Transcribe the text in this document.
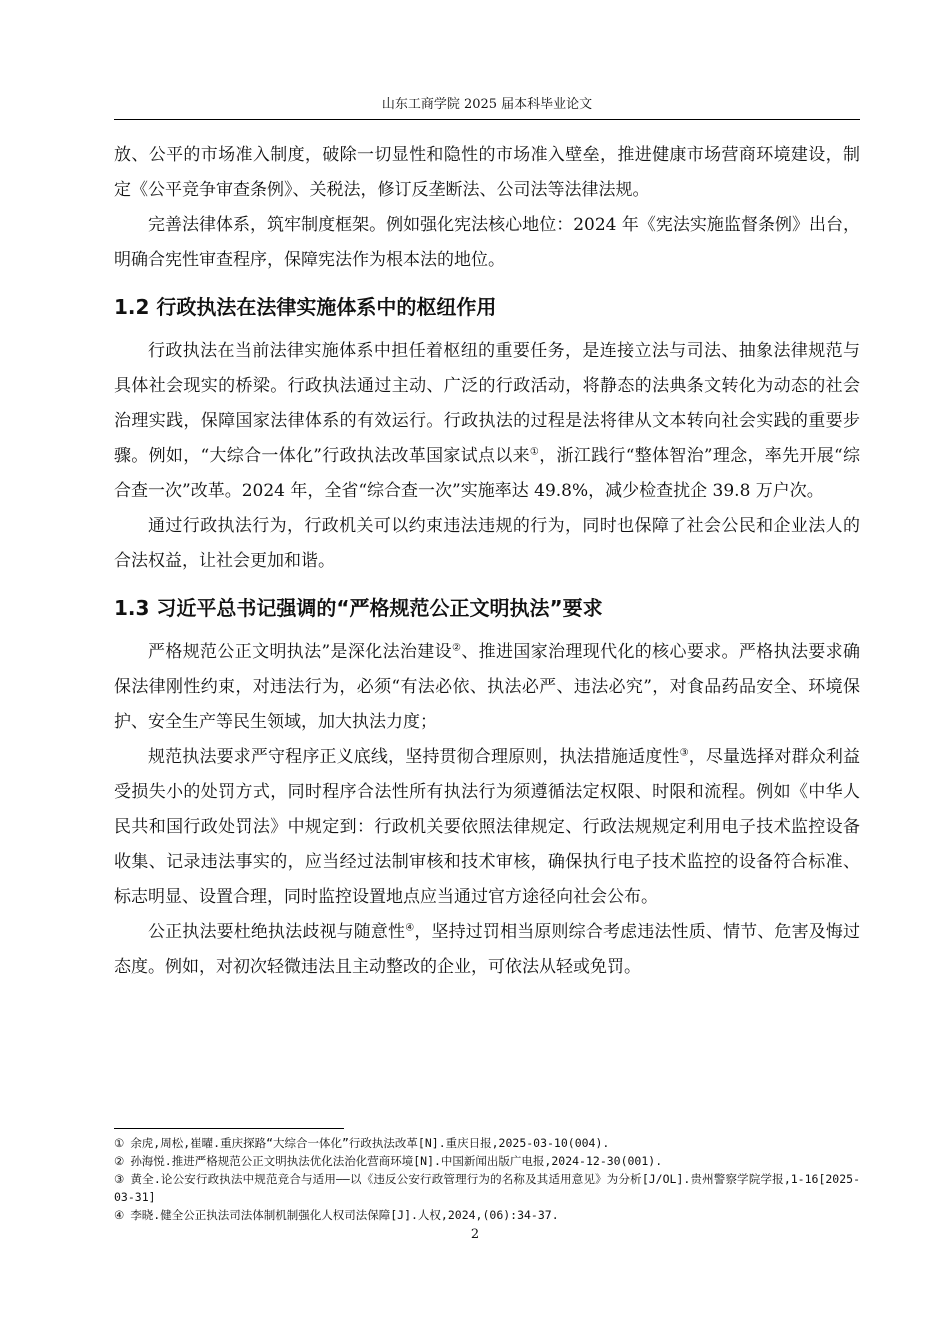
山东工商学院 2025 届本科毕业论文

放、公平的市场准入制度，破除一切显性和隐性的市场准入壁垒，推进健康市场营商环境建设，制定《公平竞争审查条例》、关税法，修订反垄断法、公司法等法律法规。

完善法律体系，筑牢制度框架。例如强化宪法核心地位：2024 年《宪法实施监督条例》出台，明确合宪性审查程序，保障宪法作为根本法的地位。

1.2 行政执法在法律实施体系中的枢纽作用

行政执法在当前法律实施体系中担任着枢纽的重要任务，是连接立法与司法、抽象法律规范与具体社会现实的桥梁。行政执法通过主动、广泛的行政活动，将静态的法典条文转化为动态的社会治理实践，保障国家法律体系的有效运行。行政执法的过程是法将律从文本转向社会实践的重要步骤。例如，“大综合一体化”行政执法改革国家试点以来①，浙江践行“整体智治”理念，率先开展“综合查一次”改革。2024 年，全省“综合查一次”实施率达 49.8%，减少检查扰企 39.8 万户次。

通过行政执法行为，行政机关可以约束违法违规的行为，同时也保障了社会公民和企业法人的合法权益，让社会更加和谐。

1.3 习近平总书记强调的“严格规范公正文明执法”要求

严格规范公正文明执法”是深化法治建设②、推进国家治理现代化的核心要求。严格执法要求确保法律刚性约束，对违法行为，必须“有法必依、执法必严、违法必究”，对食品药品安全、环境保护、安全生产等民生领域，加大执法力度；

规范执法要求严守程序正义底线，坚持贯彻合理原则，执法措施适度性③，尽量选择对群众利益受损失小的处罚方式，同时程序合法性所有执法行为须遵循法定权限、时限和流程。例如《中华人民共和国行政处罚法》中规定到：行政机关要依照法律规定、行政法规规定利用电子技术监控设备收集、记录违法事实的，应当经过法制审核和技术审核，确保执行电子技术监控的设备符合标准、标志明显、设置合理，同时监控设置地点应当通过官方途径向社会公布。

公正执法要杜绝执法歧视与随意性④，坚持过罚相当原则综合考虑违法性质、情节、危害及悔过态度。例如，对初次轻微违法且主动整改的企业，可依法从轻或免罚。

① 余虎,周松,崔曜.重庆探路“大综合一体化”行政执法改革[N].重庆日报,2025-03-10(004).

② 孙海悦.推进严格规范公正文明执法优化法治化营商环境[N].中国新闻出版广电报,2024-12-30(001).

③ 黄全.论公安行政执法中规范竞合与适用——以《违反公安行政管理行为的名称及其适用意见》为分析[J/OL].贵州警察学院学报,1-16[2025-03-31]

④ 李晓.健全公正执法司法体制机制强化人权司法保障[J].人权,2024,(06):34-37.

2
